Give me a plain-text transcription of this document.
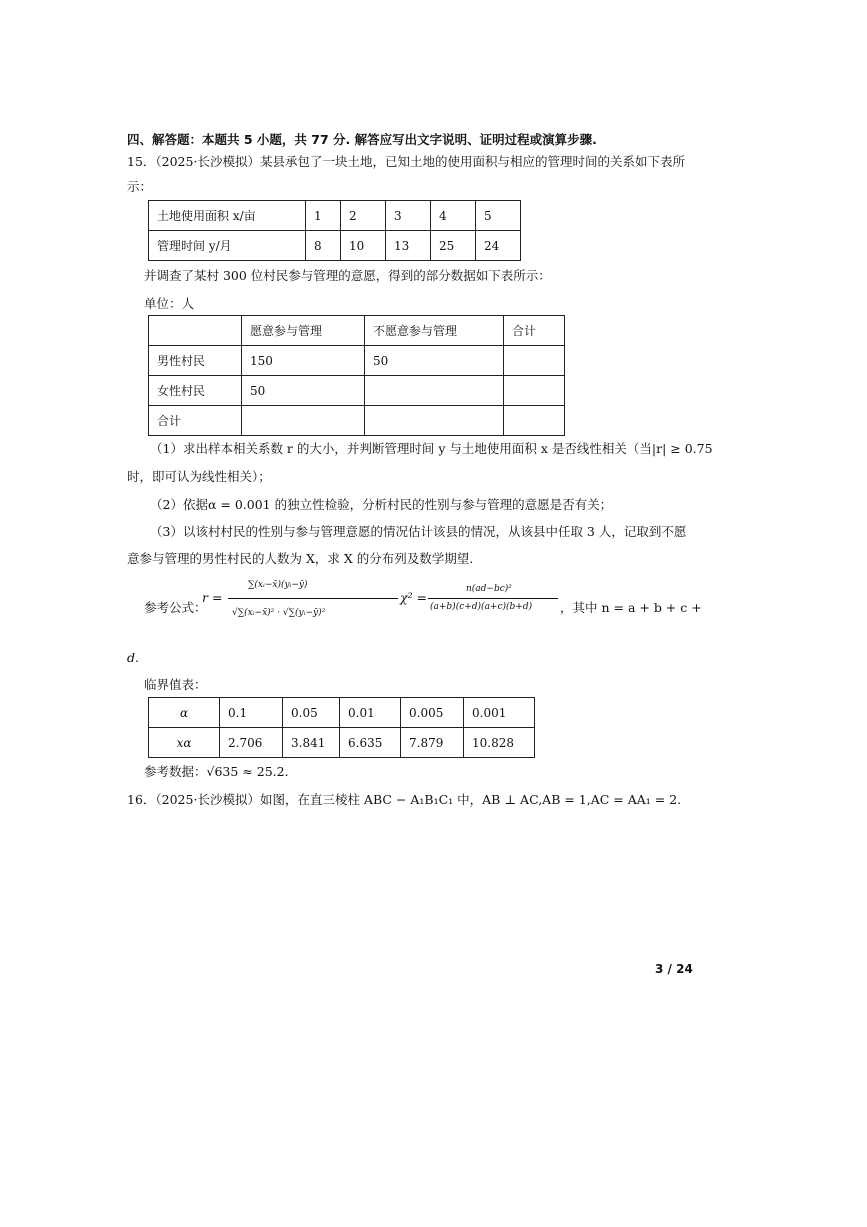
四、解答题：本题共 5 小题，共 77 分. 解答应写出文字说明、证明过程或演算步骤.
15．（2025·长沙模拟）某县承包了一块土地，已知土地的使用面积与相应的管理时间的关系如下表所
示：
土地使用面积 x/亩	1	2	3	4	5
管理时间 y/月	8	10	13	25	24
并调查了某村 300 位村民参与管理的意愿，得到的部分数据如下表所示：
单位：人
	愿意参与管理	不愿意参与管理	合计
男性村民	150	50	
女性村民	50		
合计			
（1）求出样本相关系数 r 的大小，并判断管理时间 y 与土地使用面积 x 是否线性相关（当|r| ≥ 0.75
时，即可认为线性相关）；
（2）依据α = 0.001 的独立性检验，分析村民的性别与参与管理的意愿是否有关；
（3）以该村村民的性别与参与管理意愿的情况估计该县的情况，从该县中任取 3 人，记取到不愿
意参与管理的男性村民的人数为 X，求 X 的分布列及数学期望.
参考公式：
r =
∑(xᵢ−x̄)(yᵢ−ȳ)
√∑(xᵢ−x̄)² · √∑(yᵢ−ȳ)²
χ² =
n(ad−bc)²
(a+b)(c+d)(a+c)(b+d) ，其中 n = a + b + c +
d.
临界值表：
α	0.1	0.05	0.01	0.005	0.001
xα	2.706	3.841	6.635	7.879	10.828
参考数据：√635 ≈ 25.2.
16．（2025·长沙模拟）如图，在直三棱柱 ABC − A₁B₁C₁ 中，AB ⊥ AC,AB = 1,AC = AA₁ = 2.
3 / 24
